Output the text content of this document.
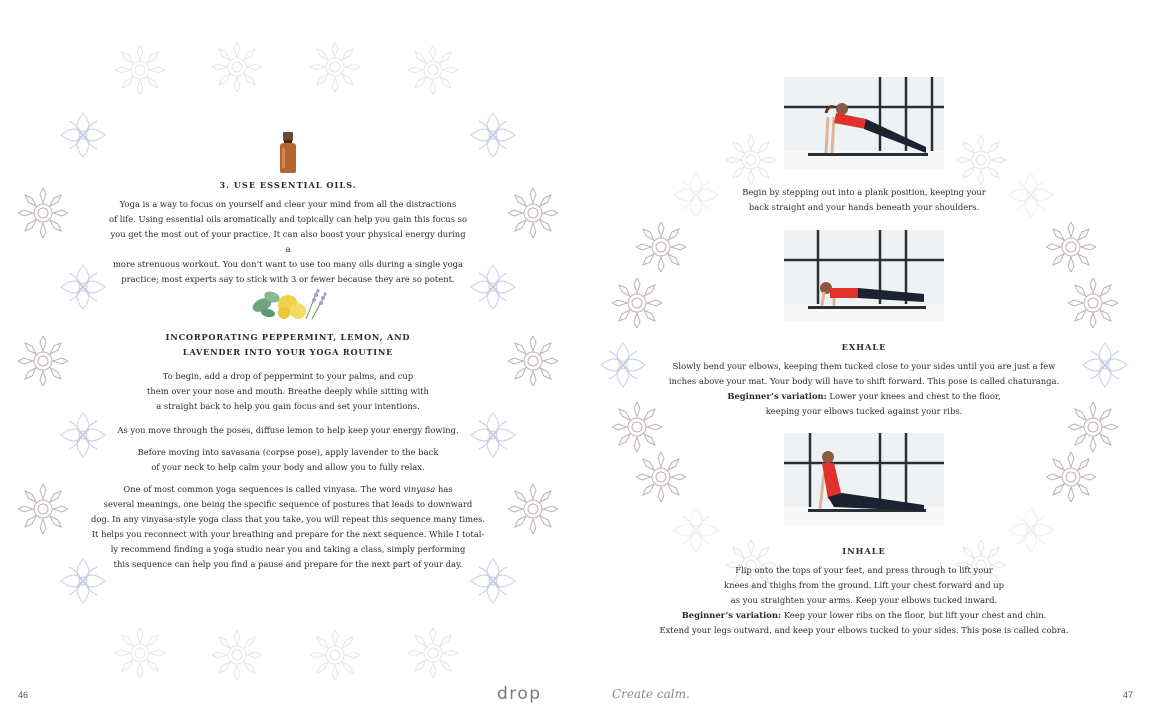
3. USE ESSENTIAL OILS.

Yoga is a way to focus on yourself and clear your mind from all the distractions

of life. Using essential oils aromatically and topically can help you gain this focus so

you get the most out of your practice. It can also boost your physical energy during a

more strenuous workout. You don’t want to use too many oils during a single yoga

practice; most experts say to stick with 3 or fewer because they are so potent.

INCORPORATING PEPPERMINT, LEMON, AND

LAVENDER INTO YOUR YOGA ROUTINE

To begin, add a drop of peppermint to your palms, and cup

them over your nose and mouth. Breathe deeply while sitting with

a straight back to help you gain focus and set your intentions.

As you move through the poses, diffuse lemon to help keep your energy flowing.

Before moving into savasana (corpse pose), apply lavender to the back

of your neck to help calm your body and allow you to fully relax.

One of most common yoga sequences is called vinyasa. The word vinyasa has

several meanings, one being the specific sequence of postures that leads to downward

dog. In any vinyasa-style yoga class that you take, you will repeat this sequence many times.

It helps you reconnect with your breathing and prepare for the next sequence. While I total-

ly recommend finding a yoga studio near you and taking a class, simply performing

this sequence can help you find a pause and prepare for the next part of your day.

46

Begin by stepping out into a plank position, keeping your

back straight and your hands beneath your shoulders.

EXHALE

Slowly bend your elbows, keeping them tucked close to your sides until you are just a few

inches above your mat. Your body will have to shift forward. This pose is called chaturanga.

Beginner’s variation: Lower your knees and chest to the floor,

keeping your elbows tucked against your ribs.

INHALE

Flip onto the tops of your feet, and press through to lift your

knees and thighs from the ground. Lift your chest forward and up

as you straighten your arms. Keep your elbows tucked inward.

Beginner’s variation: Keep your lower ribs on the floor, but lift your chest and chin.

Extend your legs outward, and keep your elbows tucked to your sides. This pose is called cobra.

47
drop	Create calm.
